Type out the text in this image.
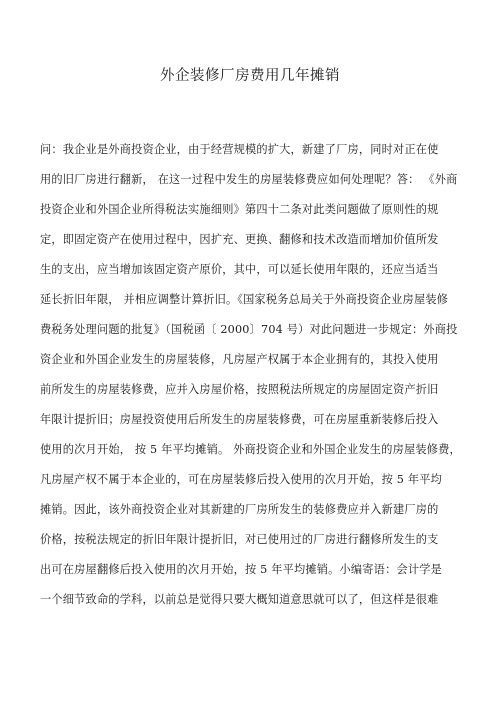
外企装修厂房费用几年摊销
问：我企业是外商投资企业，由于经营规模的扩大，新建了厂房，同时对正在使
用的旧厂房进行翻新， 在这一过程中发生的房屋装修费应如何处理呢？答： 《外商
投资企业和外国企业所得税法实施细则》第四十二条对此类问题做了原则性的规
定，即固定资产在使用过程中，因扩充、更换、翻修和技术改造而增加价值所发
生的支出，应当增加该固定资产原价，其中，可以延长使用年限的，还应当适当
延长折旧年限， 并相应调整计算折旧。《国家税务总局关于外商投资企业房屋装修
费税务处理问题的批复》（国税函〔 2000〕704 号）对此问题进一步规定：外商投
资企业和外国企业发生的房屋装修，凡房屋产权属于本企业拥有的，其投入使用
前所发生的房屋装修费，应并入房屋价格，按照税法所规定的房屋固定资产折旧
年限计提折旧；房屋投资使用后所发生的房屋装修费，可在房屋重新装修后投入
使用的次月开始， 按 5 年平均摊销。 外商投资企业和外国企业发生的房屋装修费，
凡房屋产权不属于本企业的，可在房屋装修后投入使用的次月开始，按 5 年平均
摊销。因此，该外商投资企业对其新建的厂房所发生的装修费应并入新建厂房的
价格，按税法规定的折旧年限计提折旧，对已使用过的厂房进行翻修所发生的支
出可在房屋翻修后投入使用的次月开始，按 5 年平均摊销。小编寄语：会计学是
一个细节致命的学科，以前总是觉得只要大概知道意思就可以了，但这样是很难
